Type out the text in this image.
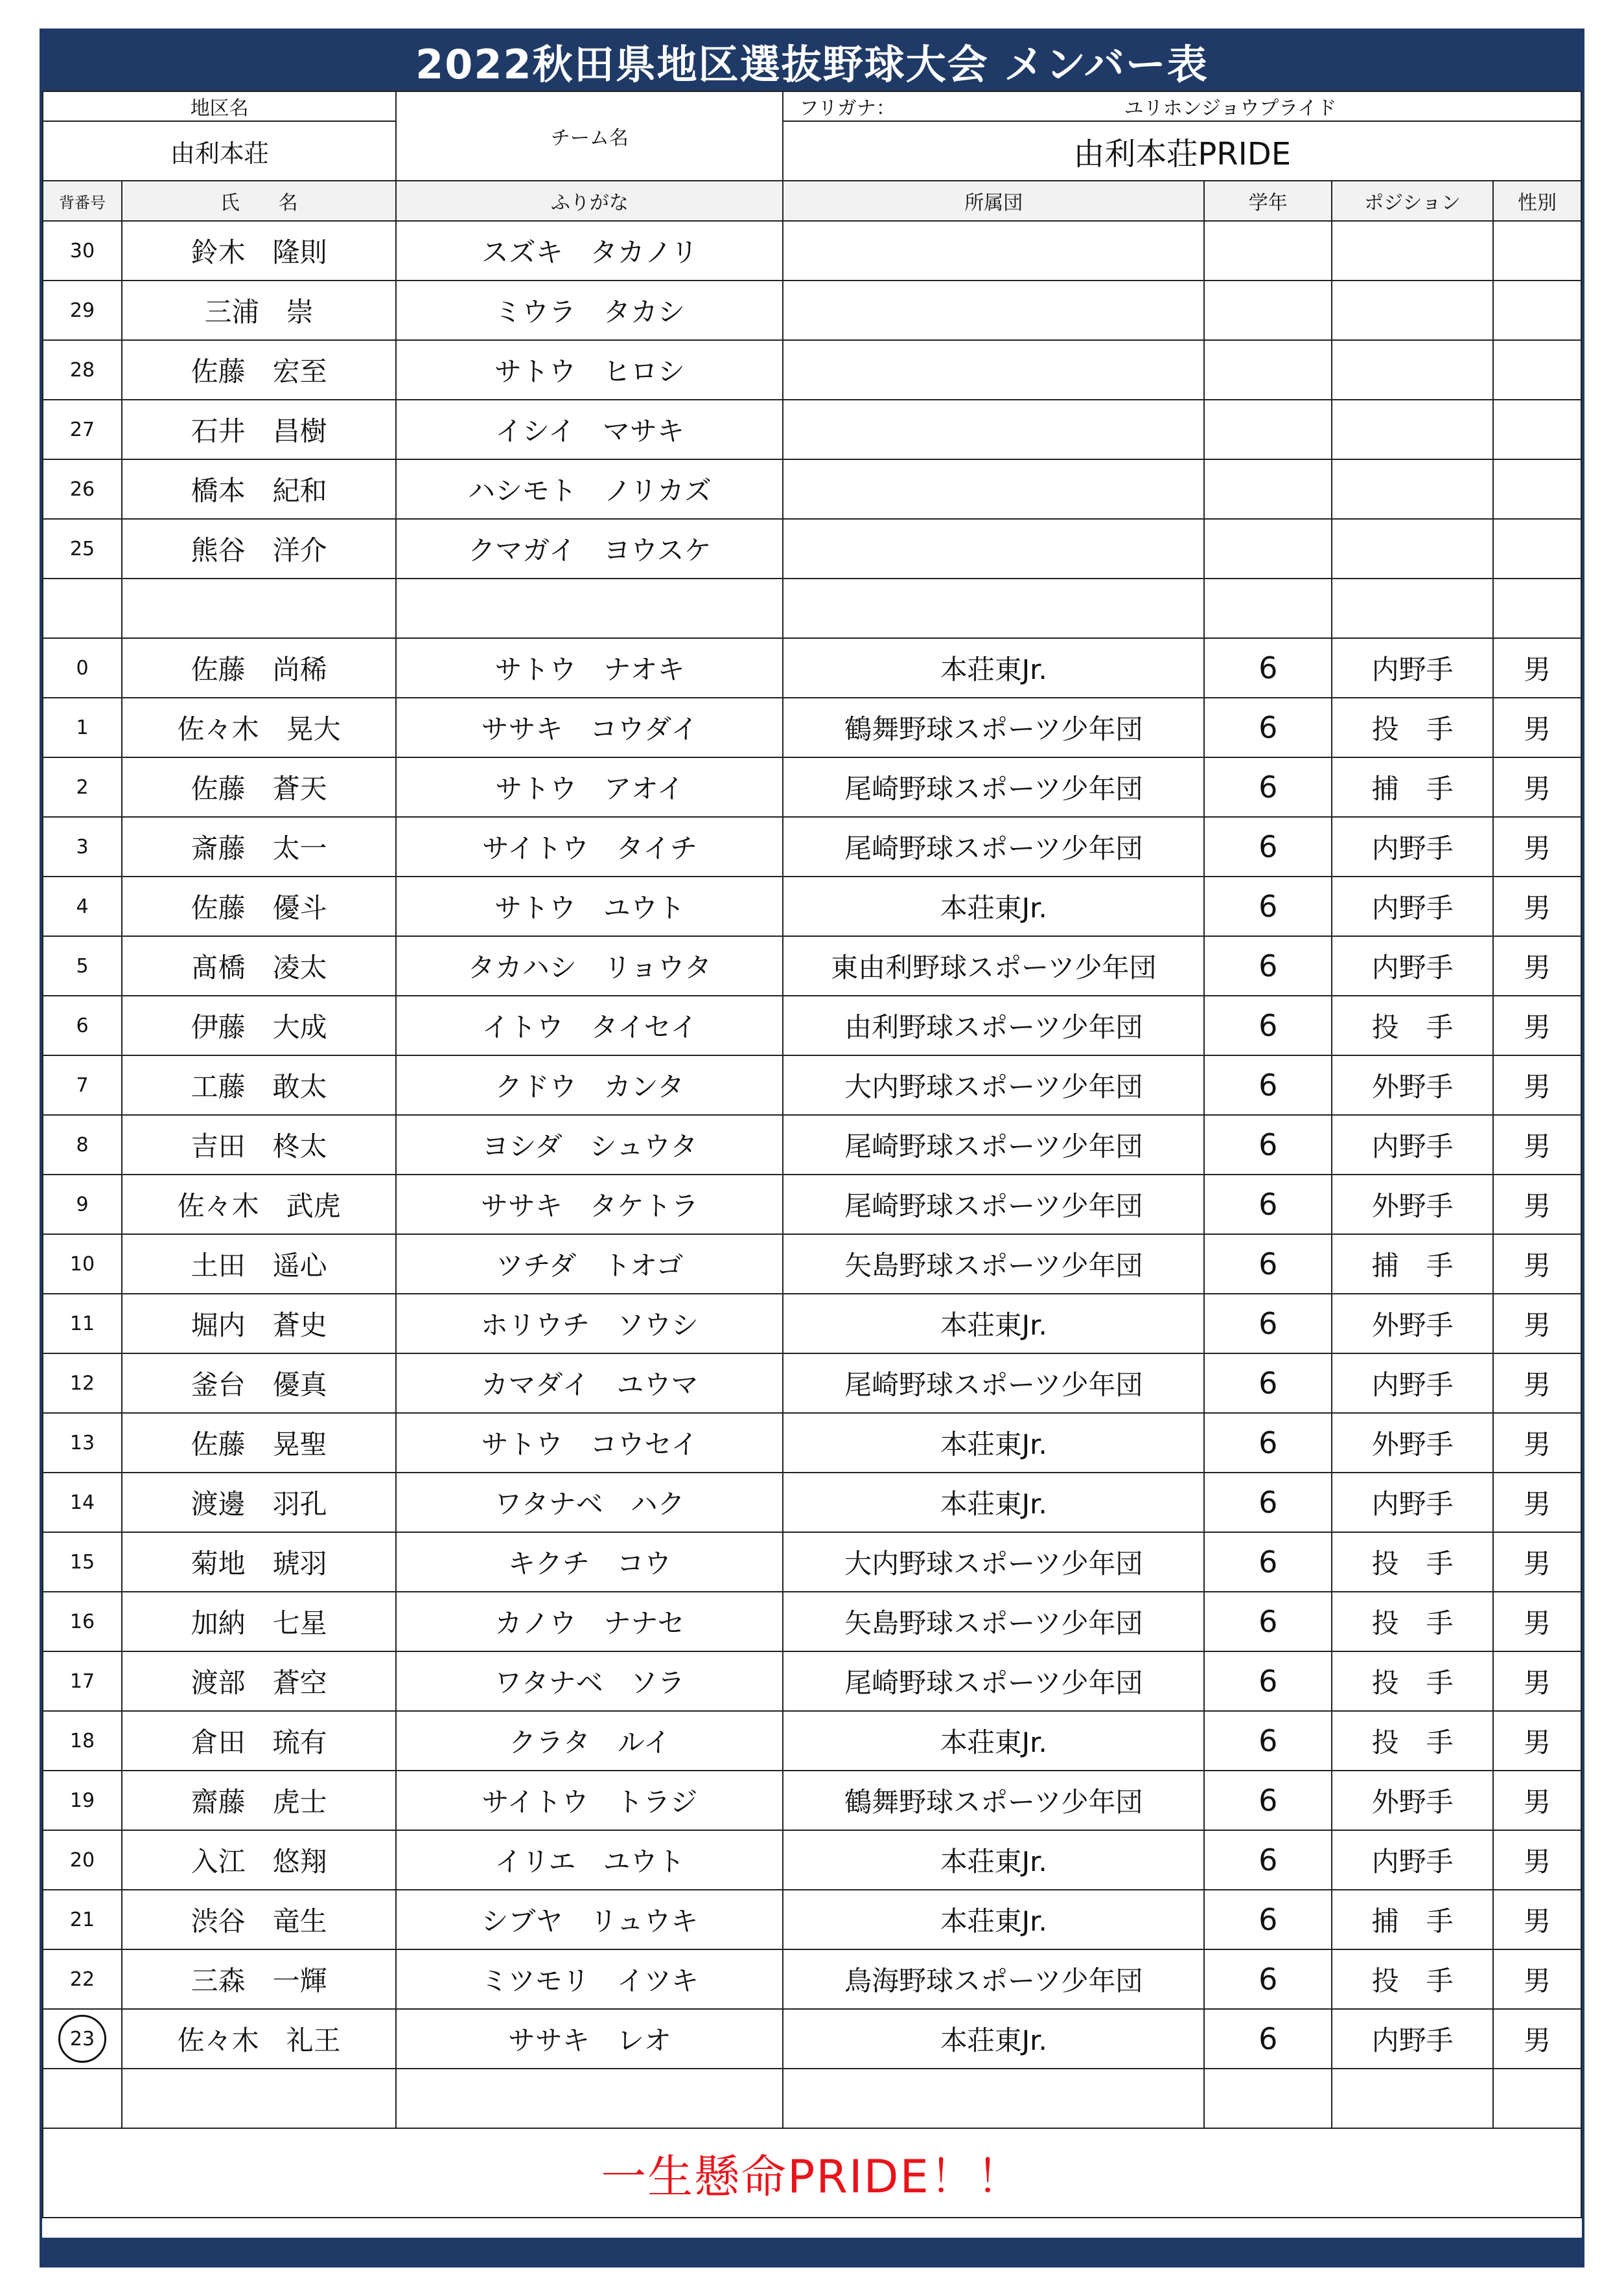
2022秋田県地区選抜野球大会 メンバー表
地区名		チーム名	フリガナ： ユリホンジョウプライド			

由利本荘			由利本荘PRIDE			
背番号	氏　　名	ふりがな	所属団	学年	ポジション	性別
30	鈴木　隆則	スズキ　タカノリ				
29	三浦　崇	ミウラ　タカシ				
28	佐藤　宏至	サトウ　ヒロシ				
27	石井　昌樹	イシイ　マサキ				
26	橋本　紀和	ハシモト　ノリカズ				
25	熊谷　洋介	クマガイ　ヨウスケ				

0	佐藤　尚稀	サトウ　ナオキ	本荘東Jr.	6	内野手	男
1	佐々木　晃大	ササキ　コウダイ	鶴舞野球スポーツ少年団	6	投　手	男
2	佐藤　蒼天	サトウ　アオイ	尾崎野球スポーツ少年団	6	捕　手	男
3	斎藤　太一	サイトウ　タイチ	尾崎野球スポーツ少年団	6	内野手	男
4	佐藤　優斗	サトウ　ユウト	本荘東Jr.	6	内野手	男
5	髙橋　凌太	タカハシ　リョウタ	東由利野球スポーツ少年団	6	内野手	男
6	伊藤　大成	イトウ　タイセイ	由利野球スポーツ少年団	6	投　手	男
7	工藤　敢太	クドウ　カンタ	大内野球スポーツ少年団	6	外野手	男
8	吉田　柊太	ヨシダ　シュウタ	尾崎野球スポーツ少年団	6	内野手	男
9	佐々木　武虎	ササキ　タケトラ	尾崎野球スポーツ少年団	6	外野手	男
10	土田　遥心	ツチダ　トオゴ	矢島野球スポーツ少年団	6	捕　手	男
11	堀内　蒼史	ホリウチ　ソウシ	本荘東Jr.	6	外野手	男
12	釜台　優真	カマダイ　ユウマ	尾崎野球スポーツ少年団	6	内野手	男
13	佐藤　晃聖	サトウ　コウセイ	本荘東Jr.	6	外野手	男
14	渡邊　羽孔	ワタナベ　ハク	本荘東Jr.	6	内野手	男
15	菊地　琥羽	キクチ　コウ	大内野球スポーツ少年団	6	投　手	男
16	加納　七星	カノウ　ナナセ	矢島野球スポーツ少年団	6	投　手	男
17	渡部　蒼空	ワタナベ　ソラ	尾崎野球スポーツ少年団	6	投　手	男
18	倉田　琉有	クラタ　ルイ	本荘東Jr.	6	投　手	男
19	齋藤　虎士	サイトウ　トラジ	鶴舞野球スポーツ少年団	6	外野手	男
20	入江　悠翔	イリエ　ユウト	本荘東Jr.	6	内野手	男
21	渋谷　竜生	シブヤ　リュウキ	本荘東Jr.	6	捕　手	男
22	三森　一輝	ミツモリ　イツキ	鳥海野球スポーツ少年団	6	投　手	男
23	佐々木　礼王	ササキ　レオ	本荘東Jr.	6	内野手	男

一生懸命PRIDE！！						
